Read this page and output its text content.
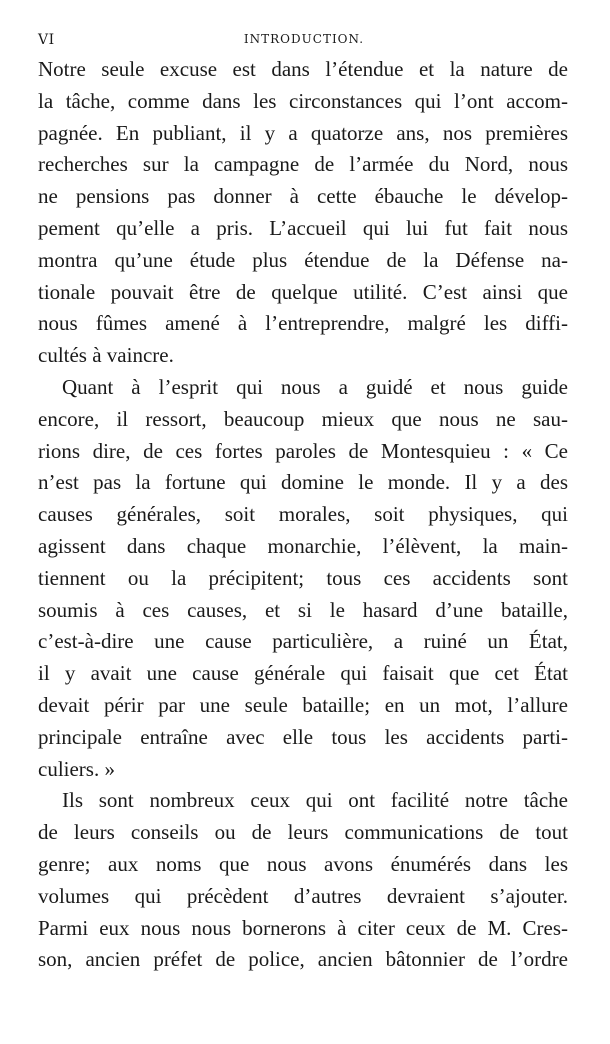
VI	INTRODUCTION.
Notre seule excuse est dans l’étendue et la nature de
la tâche, comme dans les circonstances qui l’ont accom-
pagnée. En publiant, il y a quatorze ans, nos premières
recherches sur la campagne de l’armée du Nord, nous
ne pensions pas donner à cette ébauche le dévelop-
pement qu’elle a pris. L’accueil qui lui fut fait nous
montra qu’une étude plus étendue de la Défense na-
tionale pouvait être de quelque utilité. C’est ainsi que
nous fûmes amené à l’entreprendre, malgré les diffi-
cultés à vaincre.
Quant à l’esprit qui nous a guidé et nous guide
encore, il ressort, beaucoup mieux que nous ne sau-
rions dire, de ces fortes paroles de Montesquieu : « Ce
n’est pas la fortune qui domine le monde. Il y a des
causes générales, soit morales, soit physiques, qui
agissent dans chaque monarchie, l’élèvent, la main-
tiennent ou la précipitent; tous ces accidents sont
soumis à ces causes, et si le hasard d’une bataille,
c’est-à-dire une cause particulière, a ruiné un État,
il y avait une cause générale qui faisait que cet État
devait périr par une seule bataille; en un mot, l’allure
principale entraîne avec elle tous les accidents parti-
culiers. »
Ils sont nombreux ceux qui ont facilité notre tâche
de leurs conseils ou de leurs communications de tout
genre; aux noms que nous avons énumérés dans les
volumes qui précèdent d’autres devraient s’ajouter.
Parmi eux nous nous bornerons à citer ceux de M. Cres-
son, ancien préfet de police, ancien bâtonnier de l’ordre
